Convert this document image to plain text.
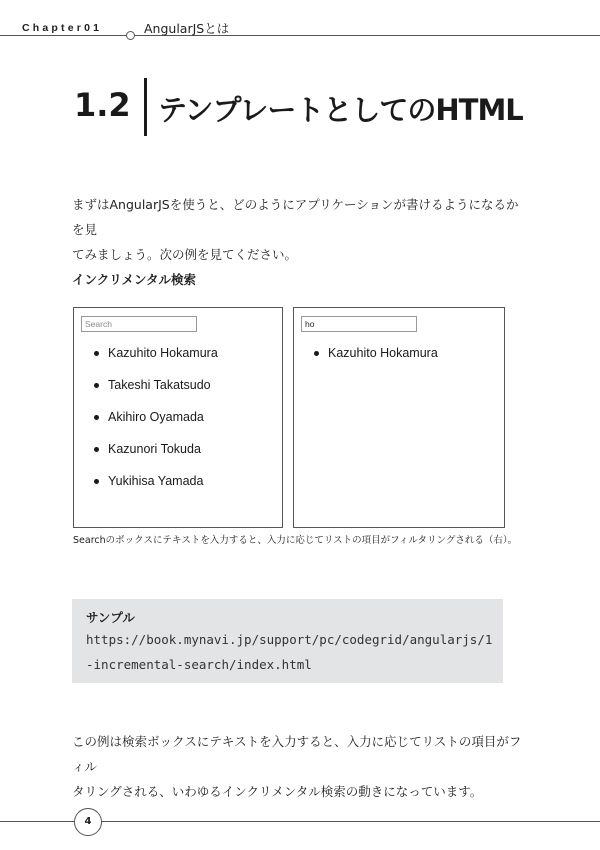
Chapter01	AngularJSとは
1.2 テンプレートとしてのHTML
まずはAngularJSを使うと、どのようにアプリケーションが書けるようになるかを見
てみましょう。次の例を見てください。
インクリメンタル検索
Search
Kazuhito Hokamura
Takeshi Takatsudo
Akihiro Oyamada
Kazunori Tokuda
Yukihisa Yamada
ho
Kazuhito Hokamura
Searchのボックスにテキストを入力すると、入力に応じてリストの項目がフィルタリングされる（右）。
サンプル
https://book.mynavi.jp/support/pc/codegrid/angularjs/1-incremental-search/index.html
この例は検索ボックスにテキストを入力すると、入力に応じてリストの項目がフィル
タリングされる、いわゆるインクリメンタル検索の動きになっています。
4
